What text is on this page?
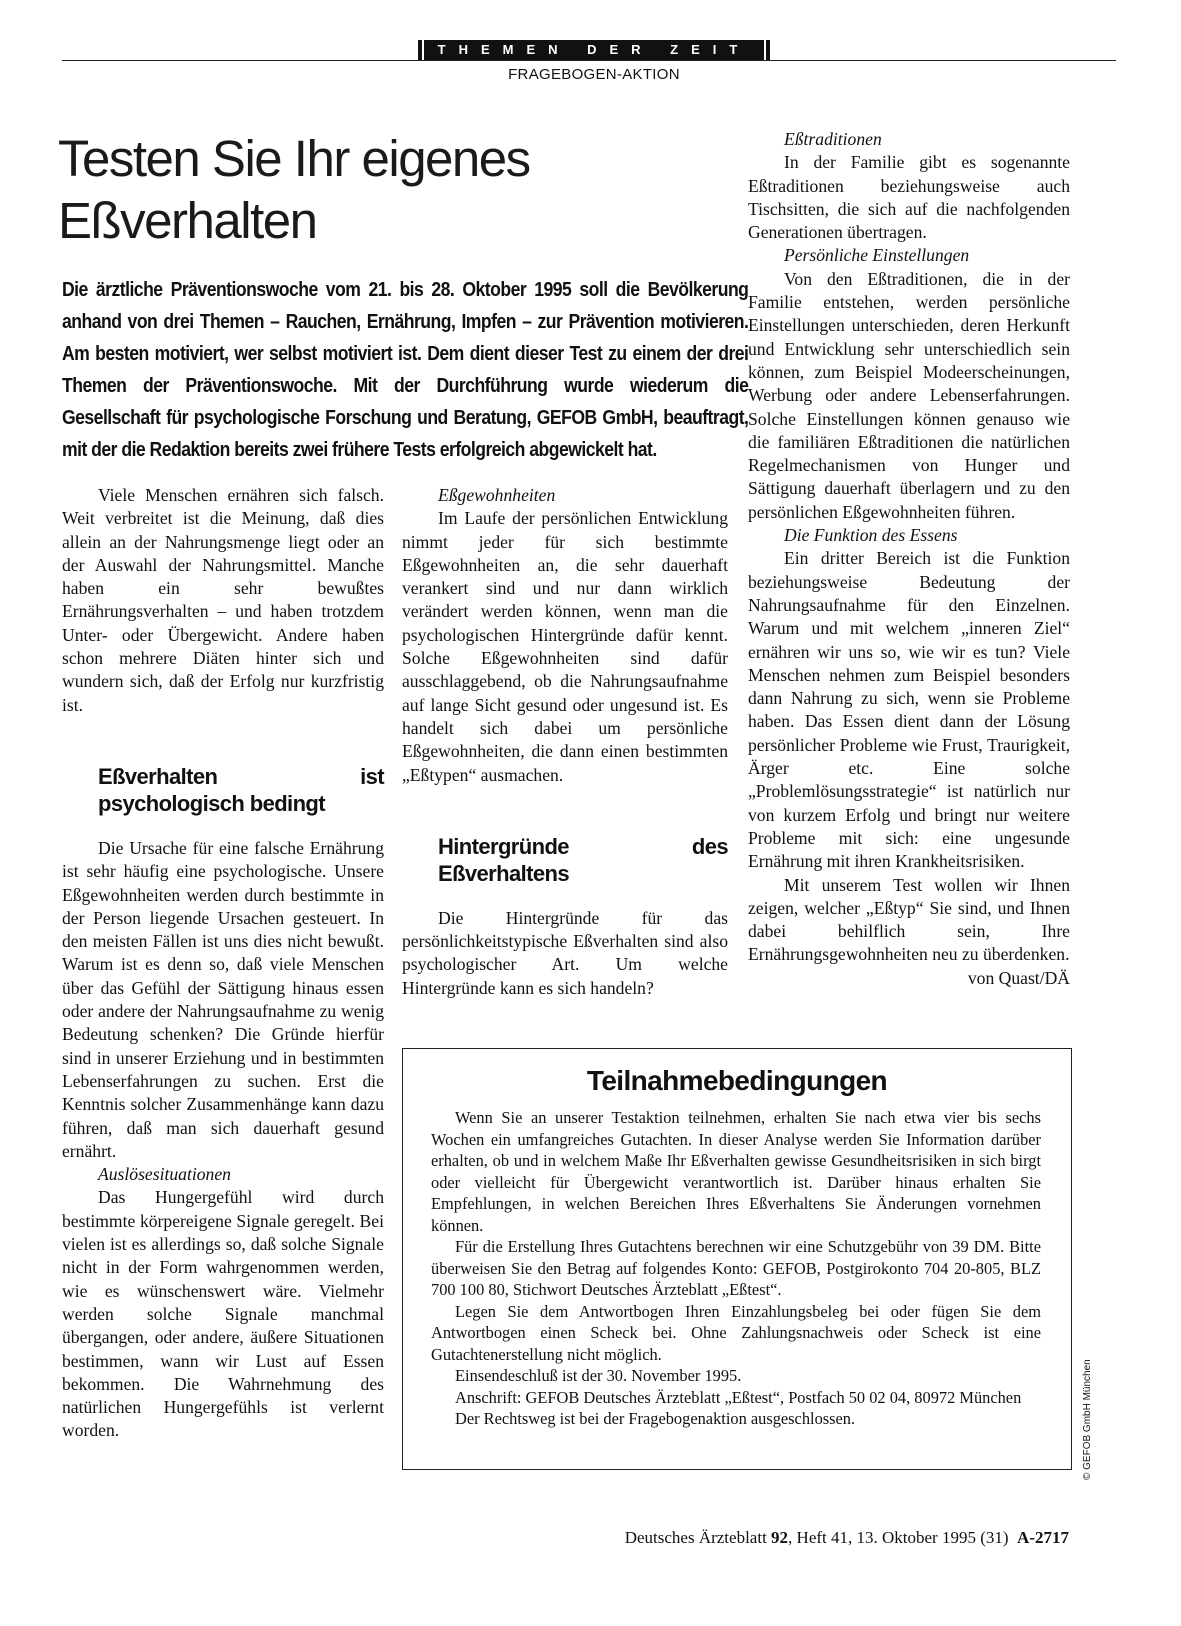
THEMEN DER ZEIT
FRAGEBOGEN-AKTION
Testen Sie Ihr eigenes
Eßverhalten

Die ärztliche Präventionswoche vom 21. bis 28. Oktober 1995 soll die Bevölkerung anhand von drei Themen – Rauchen, Ernährung, Impfen – zur Prävention motivieren. Am besten motiviert, wer selbst motiviert ist. Dem dient dieser Test zu einem der drei Themen der Präventionswoche. Mit der Durchführung wurde wiederum die Gesellschaft für psychologische Forschung und Beratung, GEFOB GmbH, beauftragt, mit der die Redaktion bereits zwei frühere Tests erfolgreich abgewickelt hat.

Viele Menschen ernähren sich falsch. Weit verbreitet ist die Meinung, daß dies allein an der Nahrungsmenge liegt oder an der Auswahl der Nahrungsmittel. Manche haben ein sehr bewußtes Ernährungsverhalten – und haben trotzdem Unter- oder Übergewicht. Andere haben schon mehrere Diäten hinter sich und wundern sich, daß der Erfolg nur kurzfristig ist.

Eßverhalten ist psychologisch bedingt

Die Ursache für eine falsche Ernährung ist sehr häufig eine psychologische. Unsere Eßgewohnheiten werden durch bestimmte in der Person liegende Ursachen gesteuert. In den meisten Fällen ist uns dies nicht bewußt. Warum ist es denn so, daß viele Menschen über das Gefühl der Sättigung hinaus essen oder andere der Nahrungsaufnahme zu wenig Bedeutung schenken? Die Gründe hierfür sind in unserer Erziehung und in bestimmten Lebenserfahrungen zu suchen. Erst die Kenntnis solcher Zusammenhänge kann dazu führen, daß man sich dauerhaft gesund ernährt.

Auslösesituationen

Das Hungergefühl wird durch bestimmte körpereigene Signale geregelt. Bei vielen ist es allerdings so, daß solche Signale nicht in der Form wahrgenommen werden, wie es wünschenswert wäre. Vielmehr werden solche Signale manchmal übergangen, oder andere, äußere Situationen bestimmen, wann wir Lust auf Essen bekommen. Die Wahrnehmung des natürlichen Hungergefühls ist verlernt worden.

Eßgewohnheiten

Im Laufe der persönlichen Entwicklung nimmt jeder für sich bestimmte Eßgewohnheiten an, die sehr dauerhaft verankert sind und nur dann wirklich verändert werden können, wenn man die psychologischen Hintergründe dafür kennt. Solche Eßgewohnheiten sind dafür ausschlaggebend, ob die Nahrungsaufnahme auf lange Sicht gesund oder ungesund ist. Es handelt sich dabei um persönliche Eßgewohnheiten, die dann einen bestimmten „Eßtypen“ ausmachen.

Hintergründe des Eßverhaltens

Die Hintergründe für das persönlichkeitstypische Eßverhalten sind also psychologischer Art. Um welche Hintergründe kann es sich handeln?

Eßtraditionen

In der Familie gibt es sogenannte Eßtraditionen beziehungsweise auch Tischsitten, die sich auf die nachfolgenden Generationen übertragen.

Persönliche Einstellungen

Von den Eßtraditionen, die in der Familie entstehen, werden persönliche Einstellungen unterschieden, deren Herkunft und Entwicklung sehr unterschiedlich sein können, zum Beispiel Modeerscheinungen, Werbung oder andere Lebenserfahrungen. Solche Einstellungen können genauso wie die familiären Eßtraditionen die natürlichen Regelmechanismen von Hunger und Sättigung dauerhaft überlagern und zu den persönlichen Eßgewohnheiten führen.

Die Funktion des Essens

Ein dritter Bereich ist die Funktion beziehungsweise Bedeutung der Nahrungsaufnahme für den Einzelnen. Warum und mit welchem „inneren Ziel“ ernähren wir uns so, wie wir es tun? Viele Menschen nehmen zum Beispiel besonders dann Nahrung zu sich, wenn sie Probleme haben. Das Essen dient dann der Lösung persönlicher Probleme wie Frust, Traurigkeit, Ärger etc. Eine solche „Problemlösungsstrategie“ ist natürlich nur von kurzem Erfolg und bringt nur weitere Probleme mit sich: eine ungesunde Ernährung mit ihren Krankheitsrisiken.

Mit unserem Test wollen wir Ihnen zeigen, welcher „Eßtyp“ Sie sind, und Ihnen dabei behilflich sein, Ihre Ernährungsgewohnheiten neu zu überdenken.

von Quast/DÄ
Teilnahmebedingungen

Wenn Sie an unserer Testaktion teilnehmen, erhalten Sie nach etwa vier bis sechs Wochen ein umfangreiches Gutachten. In dieser Analyse werden Sie Information darüber erhalten, ob und in welchem Maße Ihr Eßverhalten gewisse Gesundheitsrisiken in sich birgt oder vielleicht für Übergewicht verantwortlich ist. Darüber hinaus erhalten Sie Empfehlungen, in welchen Bereichen Ihres Eßverhaltens Sie Änderungen vornehmen können.

Für die Erstellung Ihres Gutachtens berechnen wir eine Schutzgebühr von 39 DM. Bitte überweisen Sie den Betrag auf folgendes Konto: GEFOB, Postgirokonto 704 20-805, BLZ 700 100 80, Stichwort Deutsches Ärzteblatt „Eßtest“.

Legen Sie dem Antwortbogen Ihren Einzahlungsbeleg bei oder fügen Sie dem Antwortbogen einen Scheck bei. Ohne Zahlungsnachweis oder Scheck ist eine Gutachtenerstellung nicht möglich.

Einsendeschluß ist der 30. November 1995.

Anschrift: GEFOB Deutsches Ärzteblatt „Eßtest“, Postfach 50 02 04, 80972 München

Der Rechtsweg ist bei der Fragebogenaktion ausgeschlossen.	© GEFOB GmbH München
Deutsches Ärzteblatt 92, Heft 41, 13. Oktober 1995 (31) A-2717
